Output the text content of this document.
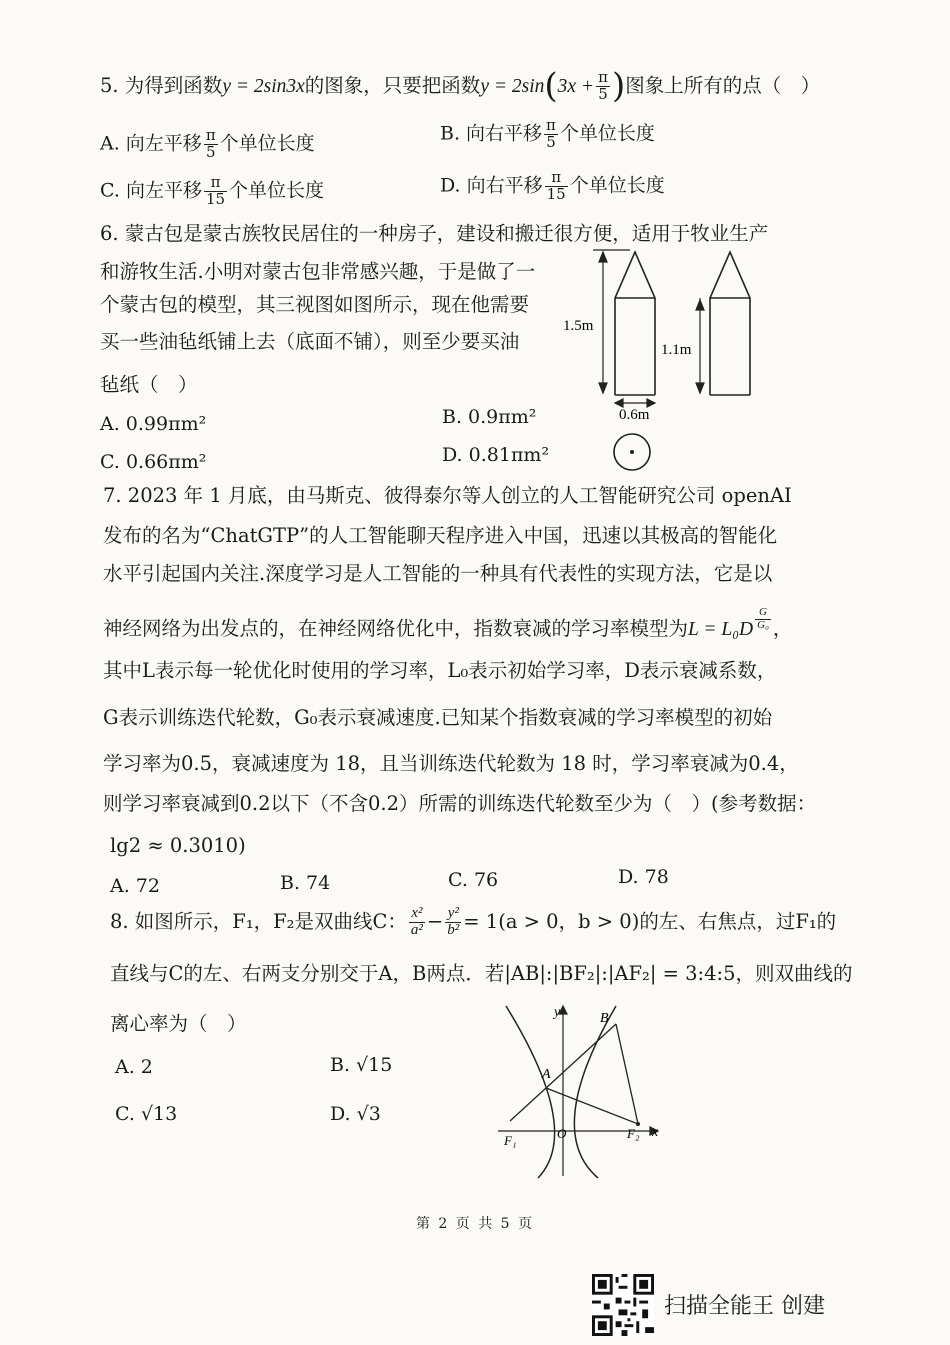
5. 为得到函数y = 2sin3x的图象，只要把函数$y = 2\sin(3x + \frac{\pi}{5}$ )图象上所有的点（　）
A. 向左平移 $\frac{\pi}{5}$ 个单位长度	B. 向右平移 $\frac{\pi}{5}$ 个单位长度
C. 向左平移 $\frac{\pi}{15}$ 个单位长度	D. 向右平移 $\frac{\pi}{15}$ 个单位长度
6. 蒙古包是蒙古族牧民居住的一种房子，建设和搬迁很方便，适用于牧业生产
和游牧生活.小明对蒙古包非常感兴趣，于是做了一
个蒙古包的模型，其三视图如图所示，现在他需要
买一些油毡纸铺上去（底面不铺），则至少要买油
毡纸（　）
A. 0.99πm²	B. 0.9πm²
C. 0.66πm²	D. 0.81πm²
1.5m
1.1m
0.6m
7. 2023 年 1 月底，由马斯克、彼得泰尔等人创立的人工智能研究公司 openAI
发布的名为“ChatGTP”的人工智能聊天程序进入中国，迅速以其极高的智能化
水平引起国内关注.深度学习是人工智能的一种具有代表性的实现方法，它是以
神经网络为出发点的，在神经网络优化中，指数衰减的学习率模型为$L = L_0D \frac{G}{\text{G₀}}$ ，
其中L表示每一轮优化时使用的学习率，L₀表示初始学习率，D表示衰减系数，
G表示训练迭代轮数，G₀表示衰减速度.已知某个指数衰减的学习率模型的初始
学习率为0.5，衰减速度为 18，且当训练迭代轮数为 18 时，学习率衰减为0.4，
则学习率衰减到0.2以下（不含0.2）所需的训练迭代轮数至少为（　）(参考数据：
lg2 ≈ 0.3010)
A. 72	B. 74	C. 76	D. 78
8. 如图所示，F₁，F₂是双曲线C： $\frac{\text{x²}}{\text{a²}} - \frac{\text{y²}}{\text{b²}} = 1(a > 0$，b > 0)的左、右焦点，过F₁的
直线与C的左、右两支分别交于A，B两点．若|AB|:|BF₂|:|AF₂| = 3:4:5，则双曲线的
离心率为（　）
A. 2	B. √15
C. √13	D. √3
y
x
B
A
O
F₁	F₂
第 2 页 共 5 页
扫描全能王 创建
